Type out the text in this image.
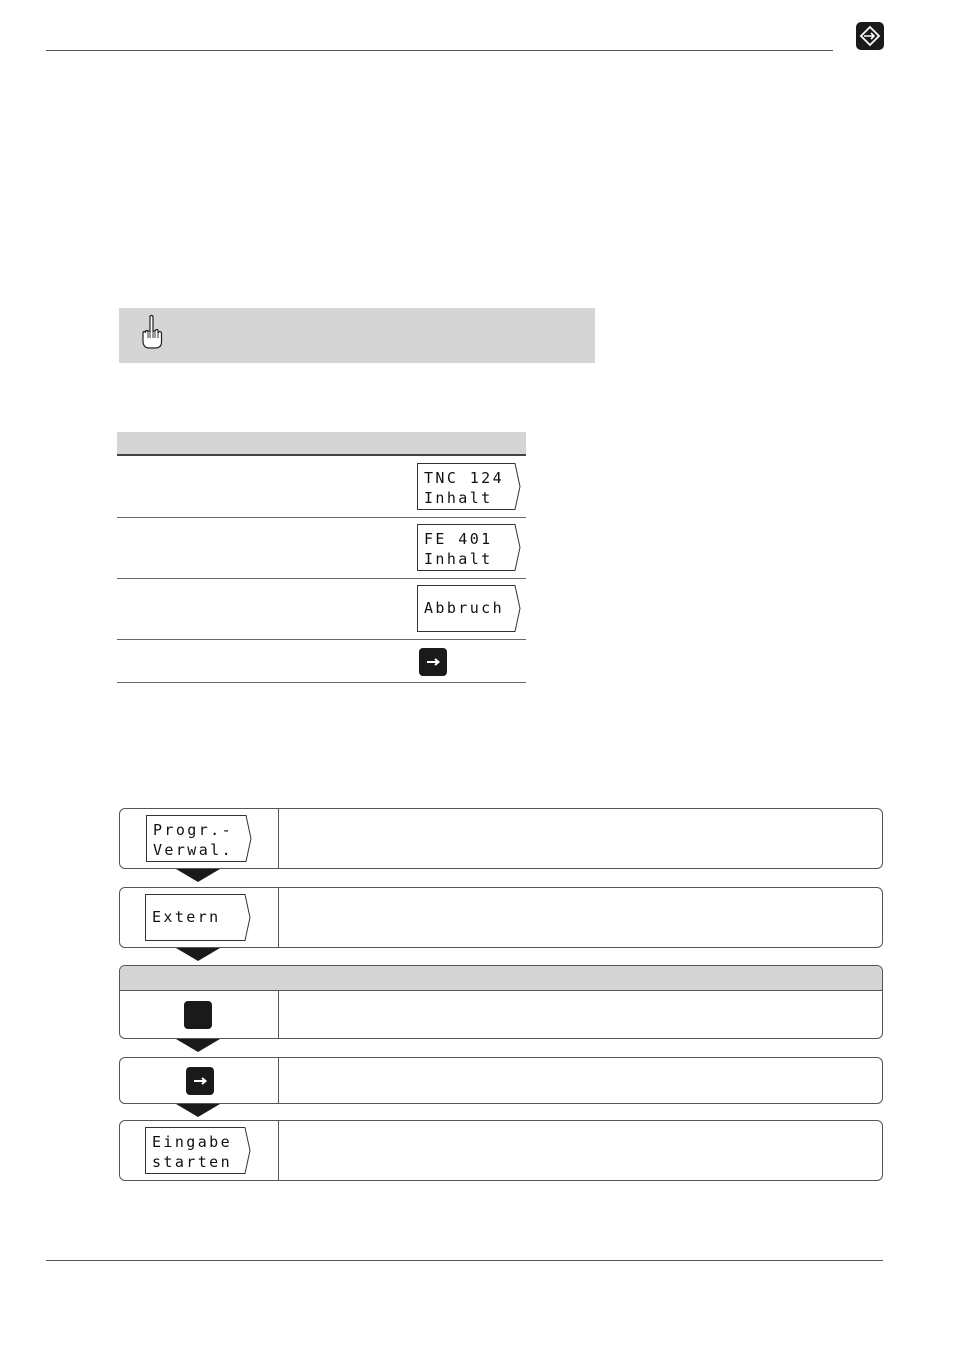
TNC 124
Inhalt
FE 401
Inhalt
Abbruch
Progr.-
Verwal.
Extern
Eingabe
starten
